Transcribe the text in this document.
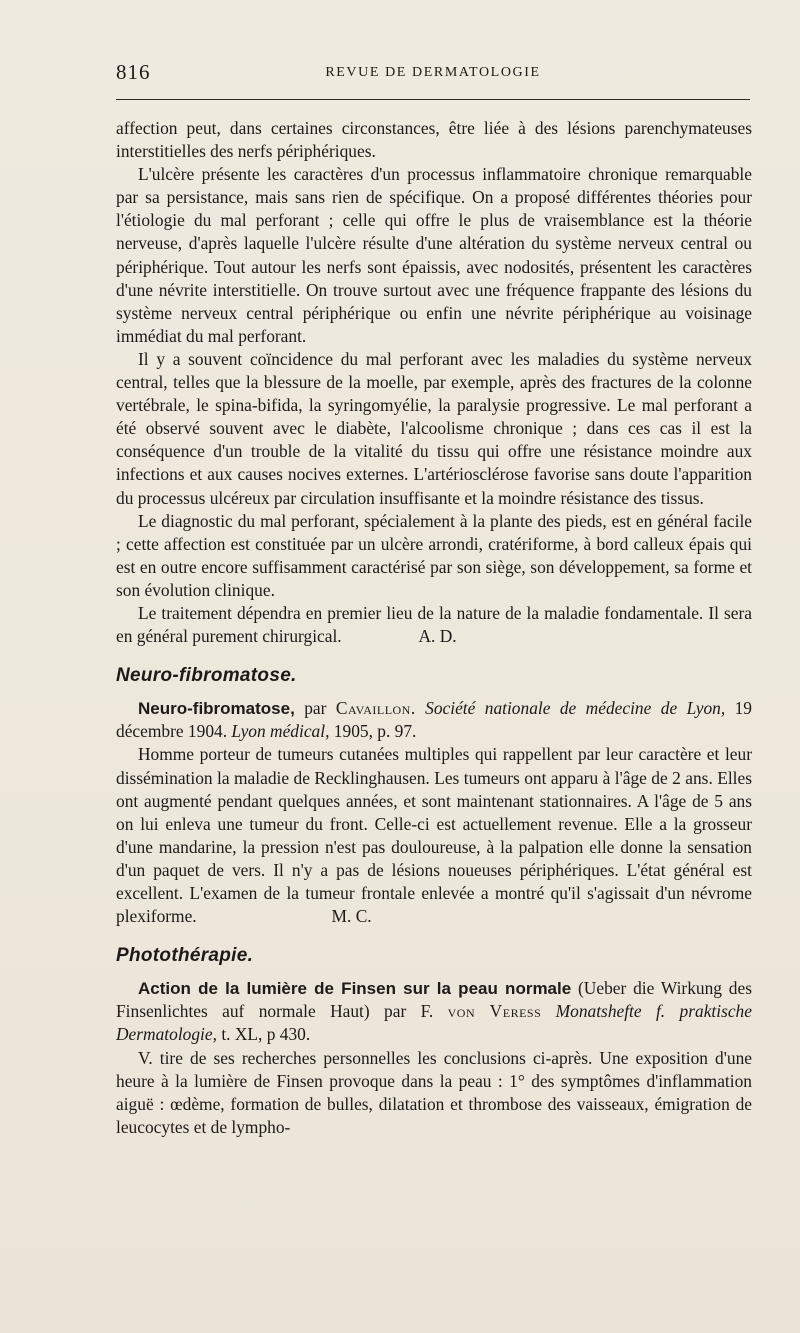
816	REVUE DE DERMATOLOGIE

affection peut, dans certaines circonstances, être liée à des lésions parenchymateuses interstitielles des nerfs périphériques.

L'ulcère présente les caractères d'un processus inflammatoire chronique remarquable par sa persistance, mais sans rien de spécifique. On a proposé différentes théories pour l'étiologie du mal perforant ; celle qui offre le plus de vraisemblance est la théorie nerveuse, d'après laquelle l'ulcère résulte d'une altération du système nerveux central ou périphérique. Tout autour les nerfs sont épaissis, avec nodosités, présentent les caractères d'une névrite interstitielle. On trouve surtout avec une fréquence frappante des lésions du système nerveux central périphérique ou enfin une névrite périphérique au voisinage immédiat du mal perforant.

Il y a souvent coïncidence du mal perforant avec les maladies du système nerveux central, telles que la blessure de la moelle, par exemple, après des fractures de la colonne vertébrale, le spina-bifida, la syringomyélie, la paralysie progressive. Le mal perforant a été observé souvent avec le diabète, l'alcoolisme chronique ; dans ces cas il est la conséquence d'un trouble de la vitalité du tissu qui offre une résistance moindre aux infections et aux causes nocives externes. L'artériosclérose favorise sans doute l'apparition du processus ulcéreux par circulation insuffisante et la moindre résistance des tissus.

Le diagnostic du mal perforant, spécialement à la plante des pieds, est en général facile ; cette affection est constituée par un ulcère arrondi, cratériforme, à bord calleux épais qui est en outre encore suffisamment caractérisé par son siège, son développement, sa forme et son évolution clinique.

Le traitement dépendra en premier lieu de la nature de la maladie fondamentale. Il sera en général purement chirurgical.	A. D.

Neuro-fibromatose.

Neuro-fibromatose, par Cavaillon. Société nationale de médecine de Lyon, 19 décembre 1904. Lyon médical, 1905, p. 97.

Homme porteur de tumeurs cutanées multiples qui rappellent par leur caractère et leur dissémination la maladie de Recklinghausen. Les tumeurs ont apparu à l'âge de 2 ans. Elles ont augmenté pendant quelques années, et sont maintenant stationnaires. A l'âge de 5 ans on lui enleva une tumeur du front. Celle-ci est actuellement revenue. Elle a la grosseur d'une mandarine, la pression n'est pas douloureuse, à la palpation elle donne la sensation d'un paquet de vers. Il n'y a pas de lésions noueuses périphériques. L'état général est excellent. L'examen de la tumeur frontale enlevée a montré qu'il s'agissait d'un névrome plexiforme.	M. C.

Photothérapie.

Action de la lumière de Finsen sur la peau normale (Ueber die Wirkung des Finsenlichtes auf normale Haut) par F. von Veress Monatshefte f. praktische Dermatologie, t. XL, p 430.

V. tire de ses recherches personnelles les conclusions ci-après. Une exposition d'une heure à la lumière de Finsen provoque dans la peau : 1° des symptômes d'inflammation aiguë : œdème, formation de bulles, dilatation et thrombose des vaisseaux, émigration de leucocytes et de lympho-
